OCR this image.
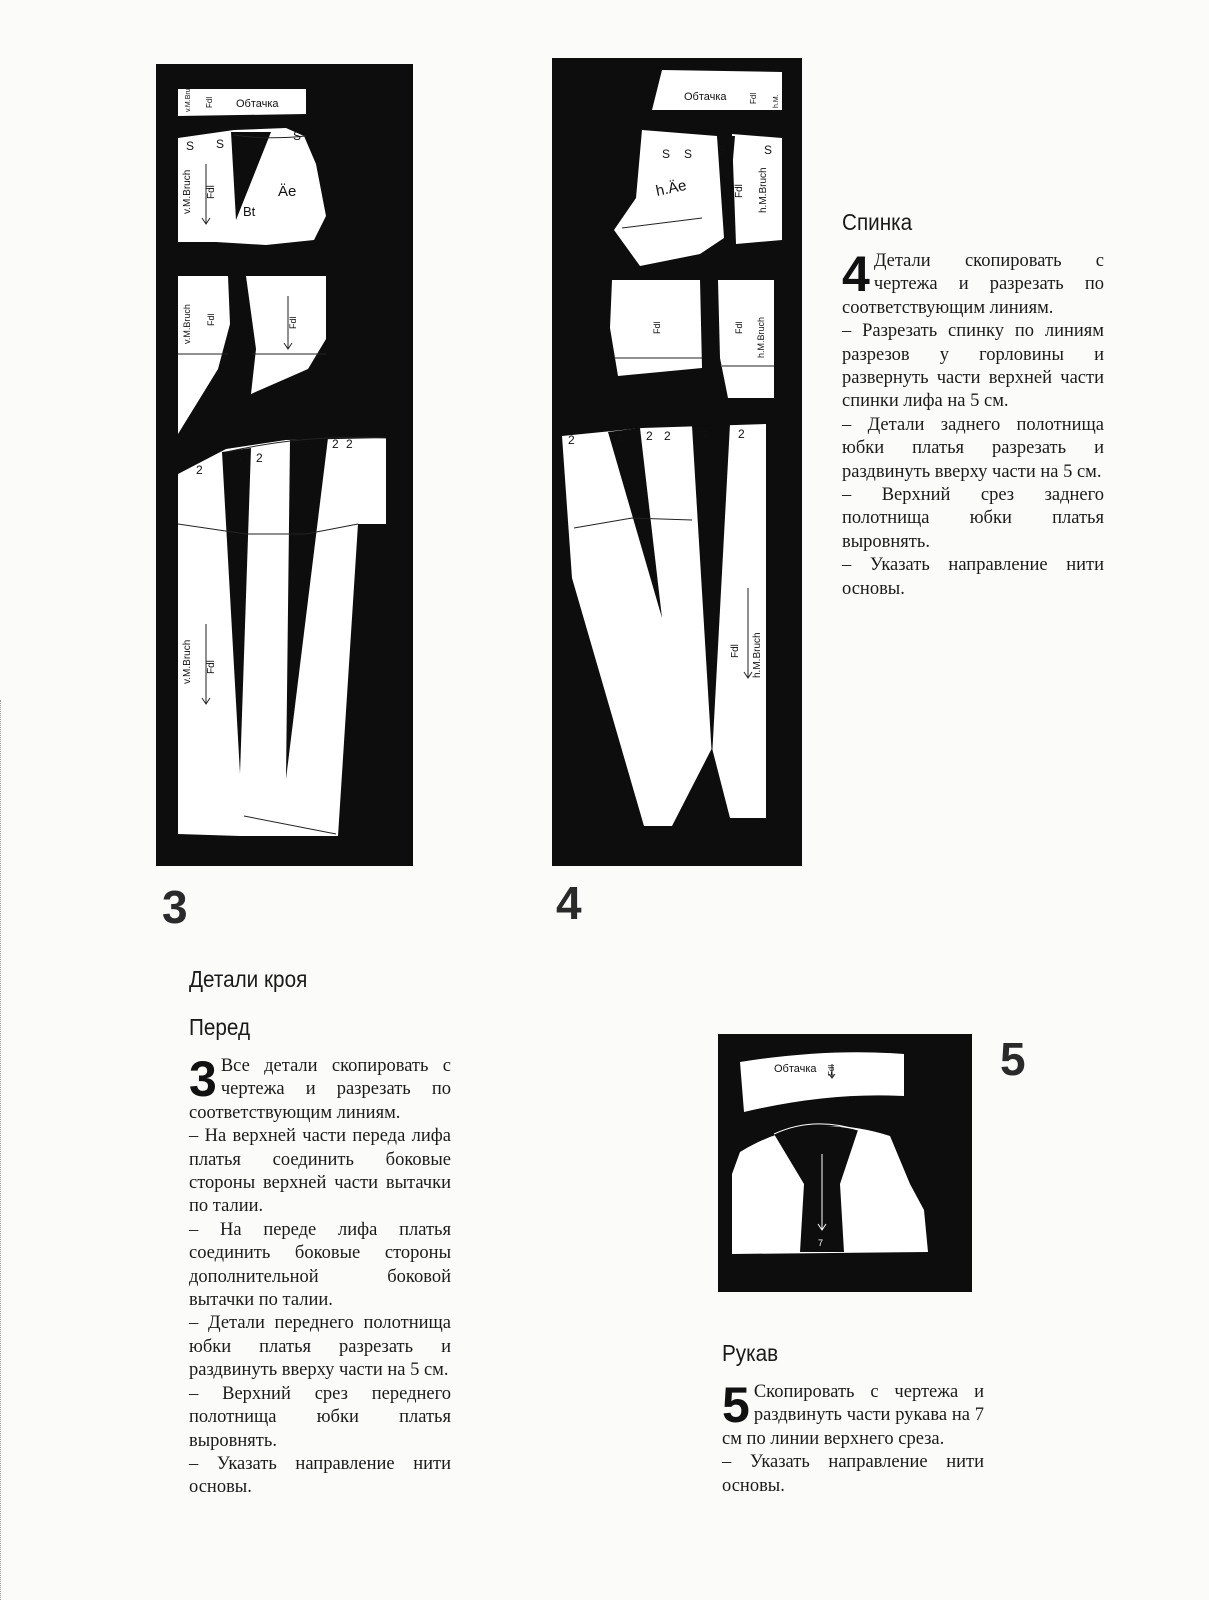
Обтачка
v.M.Bruch Fdl
v.M.Bruch Fdl	Äe
Bt
S S
S
v.M.Bruch Fdl	Fdl
v.M.Bruch Fdl
5
5
2
2
2 2
3
Обтачка	Fdl h.M.
h.Äe	Fdl h.M.Bruch
S S S	S
Fdl	Fdl h.M.Bruch
Fdl h.M.Bruch
5	5
2	2 2	2
4
Обтачка Fdl
7
5
Спинка

4 Детали скопировать с чертежа и разрезать по соответствующим линиям.

– Разрезать спинку по линиям разрезов у горловины и развернуть части верхней части спинки лифа на 5 см.

– Детали заднего полотнища юбки платья разрезать и раздвинуть вверху части на 5 см.

– Верхний срез заднего полотнища юбки платья выровнять.

– Указать направление нити основы.

Детали кроя
Перед

3 Все детали скопировать с чертежа и разрезать по соответствующим линиям.

– На верхней части переда лифа платья соединить боковые стороны верхней части вытачки по талии.

– На переде лифа платья соединить боковые стороны дополнительной боковой вытачки по талии.

– Детали переднего полотнища юбки платья разрезать и раздвинуть вверху части на 5 см.

– Верхний срез переднего полотнища юбки платья выровнять.

– Указать направление нити основы.

Рукав

5 Скопировать с чертежа и раздвинуть части рукава на 7 см по линии верхнего среза.

– Указать направление нити основы.
